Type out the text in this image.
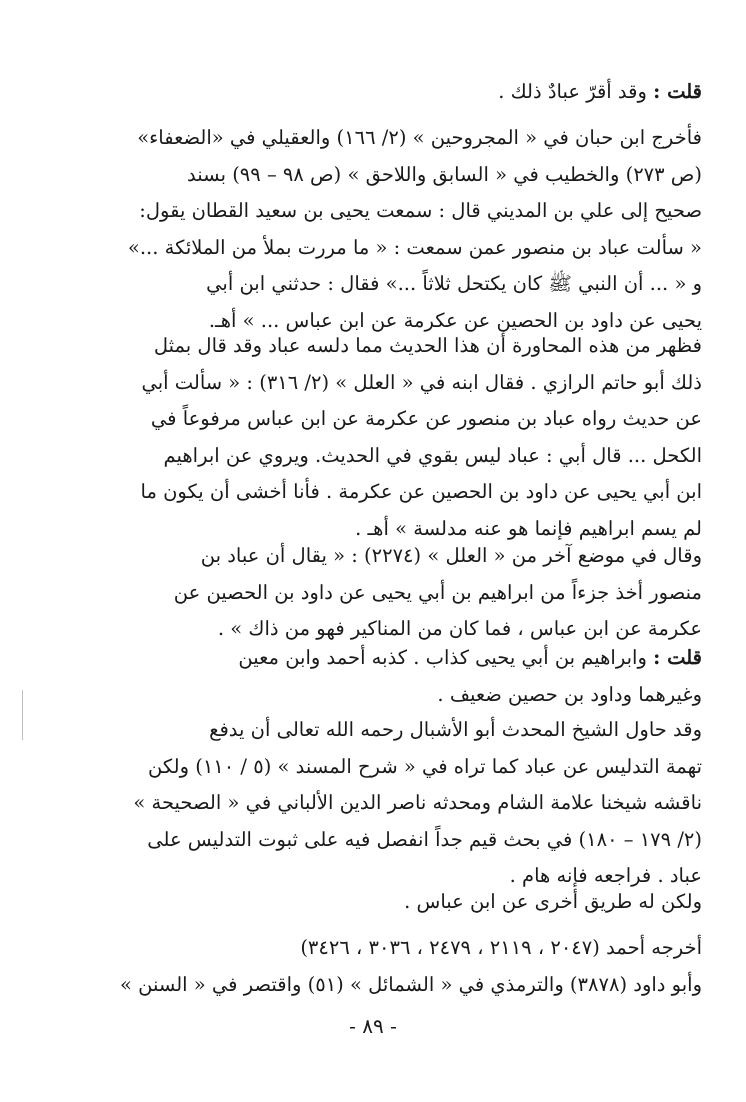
قلت : وقد أقرّ عبادٌ ذلك .

فأخرج ابن حبان في « المجروحين » (٢/ ١٦٦) والعقيلي في «الضعفاء»
(ص ٢٧٣) والخطيب في « السابق واللاحق » (ص ٩٨ – ٩٩) بسند
صحيح إلى علي بن المديني قال : سمعت يحيى بن سعيد القطان يقول:
« سألت عباد بن منصور عمن سمعت : « ما مررت بملأ من الملائكة ...»
و « ... أن النبي ﷺ كان يكتحل ثلاثاً ...» فقال : حدثني ابن أبي
يحيى عن داود بن الحصين عن عكرمة عن ابن عباس ... » أهـ.

فظهر من هذه المحاورة أن هذا الحديث مما دلسه عباد وقد قال بمثل
ذلك أبو حاتم الرازي . فقال ابنه في « العلل » (٢/ ٣١٦) : « سألت أبي
عن حديث رواه عباد بن منصور عن عكرمة عن ابن عباس مرفوعاً في
الكحل ... قال أبي : عباد ليس بقوي في الحديث. ويروي عن ابراهيم
ابن أبي يحيى عن داود بن الحصين عن عكرمة . فأنا أخشى أن يكون ما
لم يسم ابراهيم فإنما هو عنه مدلسة » أهـ .

وقال في موضع آخر من « العلل » (٢٢٧٤) : « يقال أن عباد بن
منصور أخذ جزءاً من ابراهيم بن أبي يحيى عن داود بن الحصين عن
عكرمة عن ابن عباس ، فما كان من المناكير فهو من ذاك » .

قلت : وابراهيم بن أبي يحيى كذاب . كذبه أحمد وابن معين
وغيرهما وداود بن حصين ضعيف .

وقد حاول الشيخ المحدث أبو الأشبال رحمه الله تعالى أن يدفع
تهمة التدليس عن عباد كما تراه في « شرح المسند » (٥ / ١١٠) ولكن
ناقشه شيخنا علامة الشام ومحدثه ناصر الدين الألباني في « الصحيحة »
(٢/ ١٧٩ – ١٨٠) في بحث قيم جداً انفصل فيه على ثبوت التدليس على
عباد . فراجعه فإنه هام .

ولكن له طريق أخرى عن ابن عباس .

أخرجه أحمد (٢٠٤٧ ، ٢١١٩ ، ٢٤٧٩ ، ٣٠٣٦ ، ٣٤٢٦)
وأبو داود (٣٨٧٨) والترمذي في « الشمائل » (٥١) واقتصر في « السنن »

- ٨٩ -
